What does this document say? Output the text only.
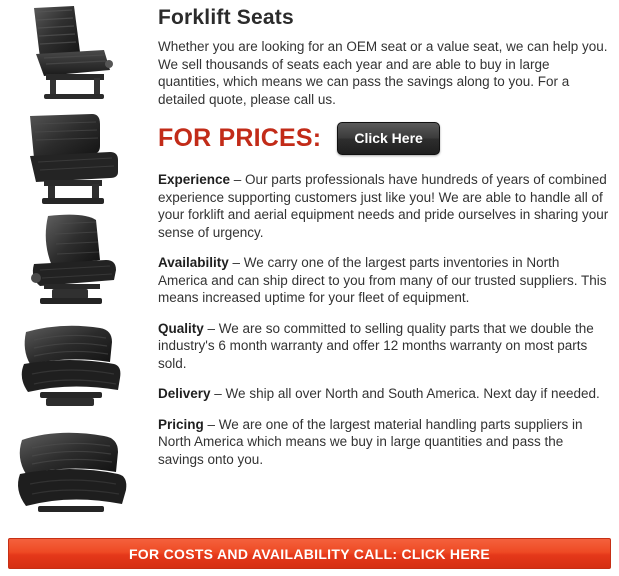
Forklift Seats

Whether you are looking for an OEM seat or a value seat, we can help you. We sell thousands of seats each year and are able to buy in large quantities, which means we can pass the savings along to you. For a detailed quote, please call us.

FOR PRICES:	Click Here

Experience – Our parts professionals have hundreds of years of combined experience supporting customers just like you! We are able to handle all of your forklift and aerial equipment needs and pride ourselves in sharing your sense of urgency.

Availability – We carry one of the largest parts inventories in North America and can ship direct to you from many of our trusted suppliers. This means increased uptime for your fleet of equipment.

Quality – We are so committed to selling quality parts that we double the industry's 6 month warranty and offer 12 months warranty on most parts sold.

Delivery – We ship all over North and South America. Next day if needed.

Pricing – We are one of the largest material handling parts suppliers in North America which means we buy in large quantities and pass the savings onto you.

FOR COSTS AND AVAILABILITY CALL: CLICK HERE
